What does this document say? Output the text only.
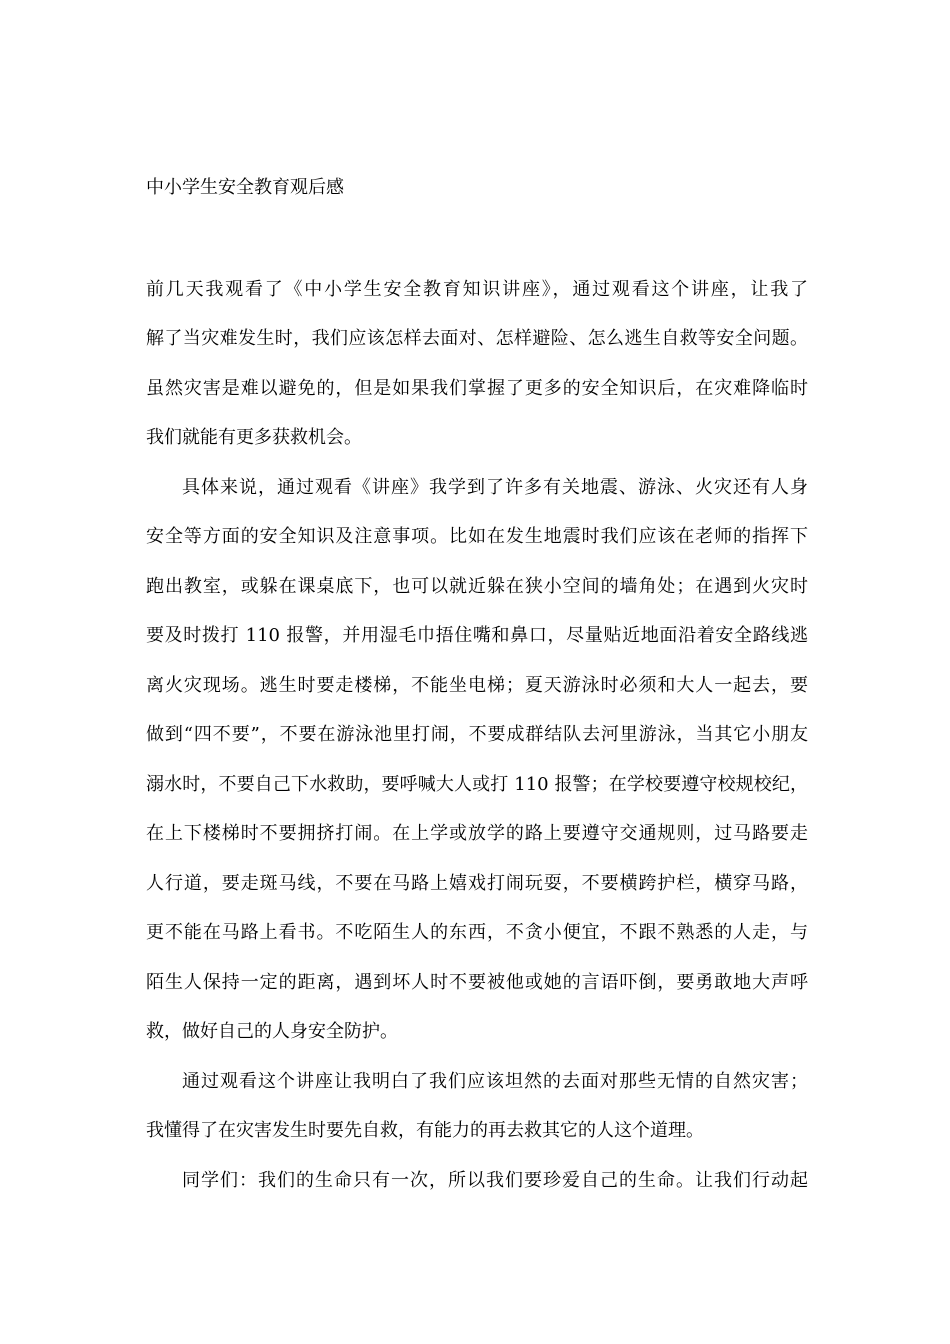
中小学生安全教育观后感
前几天我观看了《中小学生安全教育知识讲座》，通过观看这个讲座，让我了
解了当灾难发生时，我们应该怎样去面对、怎样避险、怎么逃生自救等安全问题。
虽然灾害是难以避免的，但是如果我们掌握了更多的安全知识后，在灾难降临时
我们就能有更多获救机会。
具体来说，通过观看《讲座》我学到了许多有关地震、游泳、火灾还有人身
安全等方面的安全知识及注意事项。比如在发生地震时我们应该在老师的指挥下
跑出教室，或躲在课桌底下，也可以就近躲在狭小空间的墙角处；在遇到火灾时
要及时拨打 110 报警，并用湿毛巾捂住嘴和鼻口，尽量贴近地面沿着安全路线逃
离火灾现场。逃生时要走楼梯，不能坐电梯；夏天游泳时必须和大人一起去，要
做到“四不要”，不要在游泳池里打闹，不要成群结队去河里游泳，当其它小朋友
溺水时，不要自己下水救助，要呼喊大人或打 110 报警；在学校要遵守校规校纪，
在上下楼梯时不要拥挤打闹。在上学或放学的路上要遵守交通规则，过马路要走
人行道，要走斑马线，不要在马路上嬉戏打闹玩耍，不要横跨护栏，横穿马路，
更不能在马路上看书。不吃陌生人的东西，不贪小便宜，不跟不熟悉的人走，与
陌生人保持一定的距离，遇到坏人时不要被他或她的言语吓倒，要勇敢地大声呼
救，做好自己的人身安全防护。
通过观看这个讲座让我明白了我们应该坦然的去面对那些无情的自然灾害；
我懂得了在灾害发生时要先自救，有能力的再去救其它的人这个道理。
同学们：我们的生命只有一次，所以我们要珍爱自己的生命。让我们行动起
